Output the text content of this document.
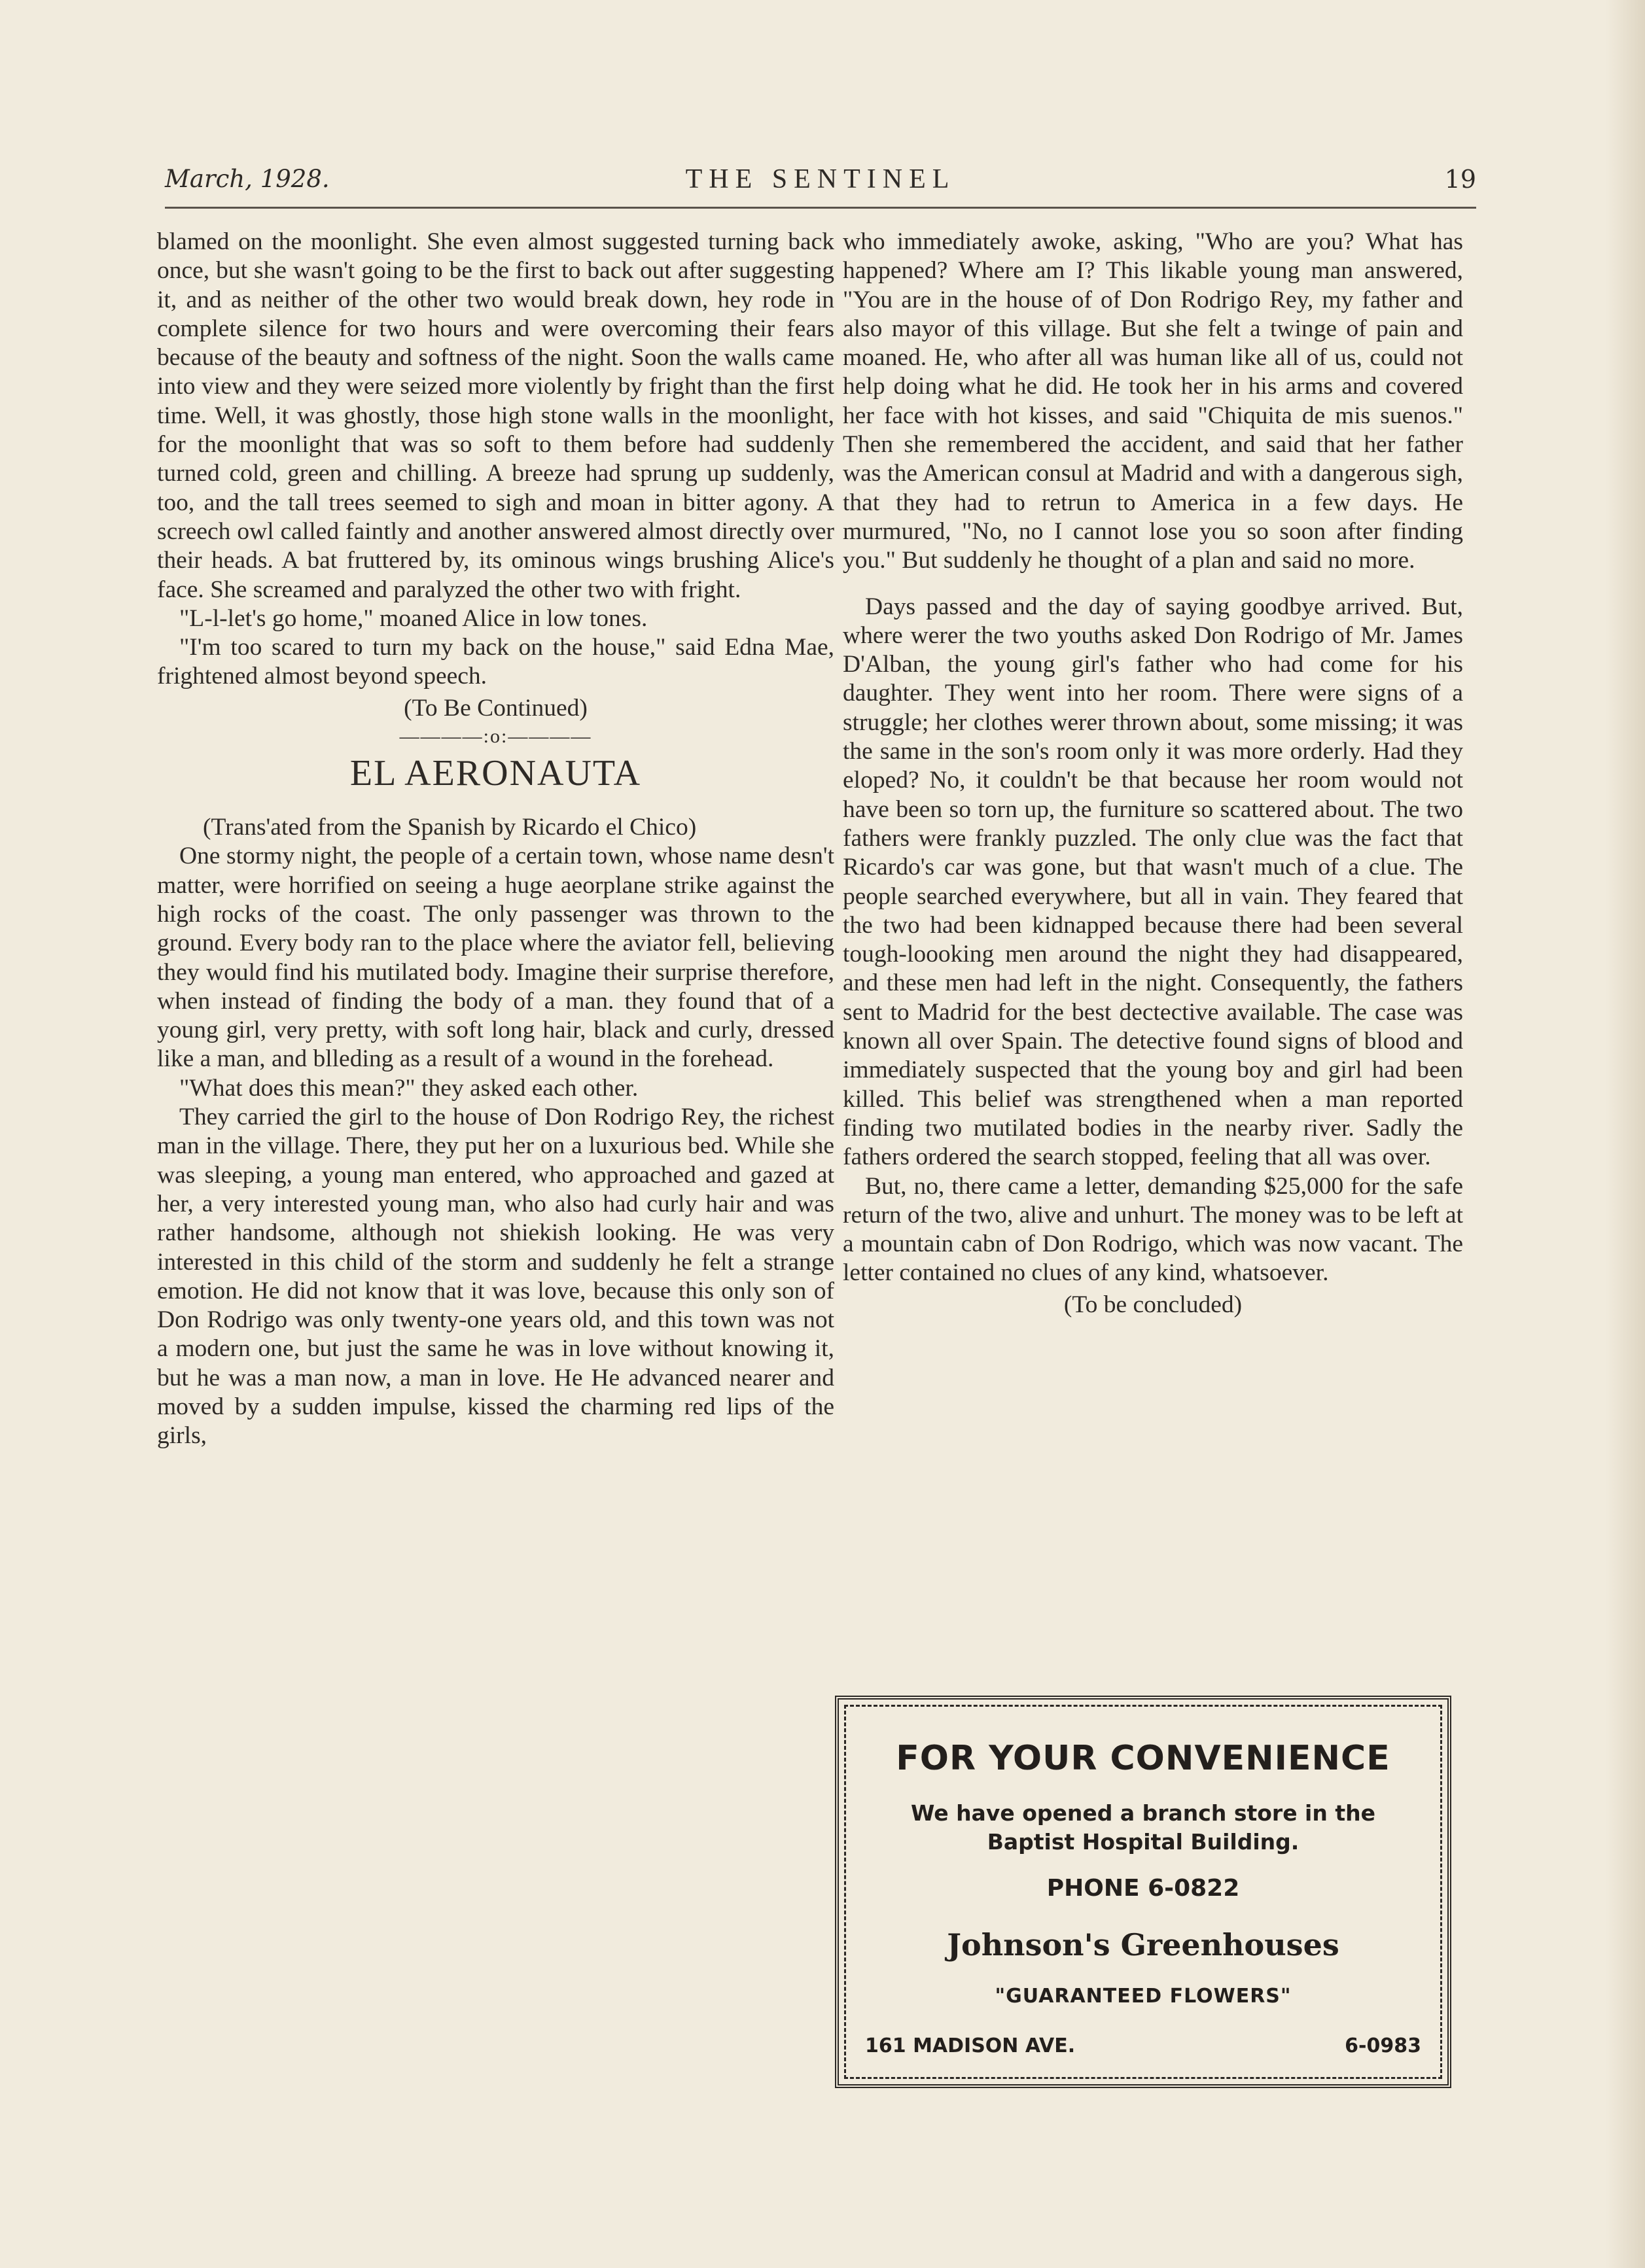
March, 1928.	THE SENTINEL	19

blamed on the moonlight. She even almost suggested turning back once, but she wasn't going to be the first to back out after suggesting it, and as neither of the other two would break down, hey rode in complete silence for two hours and were overcoming their fears because of the beauty and softness of the night. Soon the walls came into view and they were seized more violently by fright than the first time. Well, it was ghostly, those high stone walls in the moonlight, for the moonlight that was so soft to them before had suddenly turned cold, green and chilling. A breeze had sprung up suddenly, too, and the tall trees seemed to sigh and moan in bitter agony. A screech owl called faintly and another answered almost directly over their heads. A bat fruttered by, its ominous wings brushing Alice's face. She screamed and paralyzed the other two with fright.

"L-l-let's go home," moaned Alice in low tones.

"I'm too scared to turn my back on the house," said Edna Mae, frightened almost beyond speech.

(To Be Continued)

————:o:————
EL AERONAUTA

(Trans'ated from the Spanish by Ricardo el Chico)

One stormy night, the people of a certain town, whose name desn't matter, were horrified on seeing a huge aeorplane strike against the high rocks of the coast. The only passenger was thrown to the ground. Every body ran to the place where the aviator fell, believing they would find his mutilated body. Imagine their surprise therefore, when instead of finding the body of a man. they found that of a young girl, very pretty, with soft long hair, black and curly, dressed like a man, and blleding as a result of a wound in the forehead.

"What does this mean?" they asked each other.

They carried the girl to the house of Don Rodrigo Rey, the richest man in the village. There, they put her on a luxurious bed. While she was sleeping, a young man entered, who approached and gazed at her, a very interested young man, who also had curly hair and was rather handsome, although not shiekish looking. He was very interested in this child of the storm and suddenly he felt a strange emotion. He did not know that it was love, because this only son of Don Rodrigo was only twenty-one years old, and this town was not a modern one, but just the same he was in love without knowing it, but he was a man now, a man in love. He He advanced nearer and moved by a sudden impulse, kissed the charming red lips of the girls,

who immediately awoke, asking, "Who are you? What has happened? Where am I? This likable young man answered, "You are in the house of of Don Rodrigo Rey, my father and also mayor of this village. But she felt a twinge of pain and moaned. He, who after all was human like all of us, could not help doing what he did. He took her in his arms and covered her face with hot kisses, and said "Chiquita de mis suenos." Then she remembered the accident, and said that her father was the American consul at Madrid and with a dangerous sigh, that they had to retrun to America in a few days. He murmured, "No, no I cannot lose you so soon after finding you." But suddenly he thought of a plan and said no more.

Days passed and the day of saying goodbye arrived. But, where werer the two youths asked Don Rodrigo of Mr. James D'Alban, the young girl's father who had come for his daughter. They went into her room. There were signs of a struggle; her clothes werer thrown about, some missing; it was the same in the son's room only it was more orderly. Had they eloped? No, it couldn't be that because her room would not have been so torn up, the furniture so scattered about. The two fathers were frankly puzzled. The only clue was the fact that Ricardo's car was gone, but that wasn't much of a clue. The people searched everywhere, but all in vain. They feared that the two had been kidnapped because there had been several tough-loooking men around the night they had disappeared, and these men had left in the night. Consequently, the fathers sent to Madrid for the best dectective available. The case was known all over Spain. The detective found signs of blood and immediately suspected that the young boy and girl had been killed. This belief was strengthened when a man reported finding two mutilated bodies in the nearby river. Sadly the fathers ordered the search stopped, feeling that all was over.

But, no, there came a letter, demanding $25,000 for the safe return of the two, alive and unhurt. The money was to be left at a mountain cabn of Don Rodrigo, which was now vacant. The letter contained no clues of any kind, whatsoever.

(To be concluded)

FOR YOUR CONVENIENCE
We have opened a branch store in the Baptist Hospital Building.
PHONE 6-0822
Johnson's Greenhouses
"GUARANTEED FLOWERS"
161 MADISON AVE.	6-0983
